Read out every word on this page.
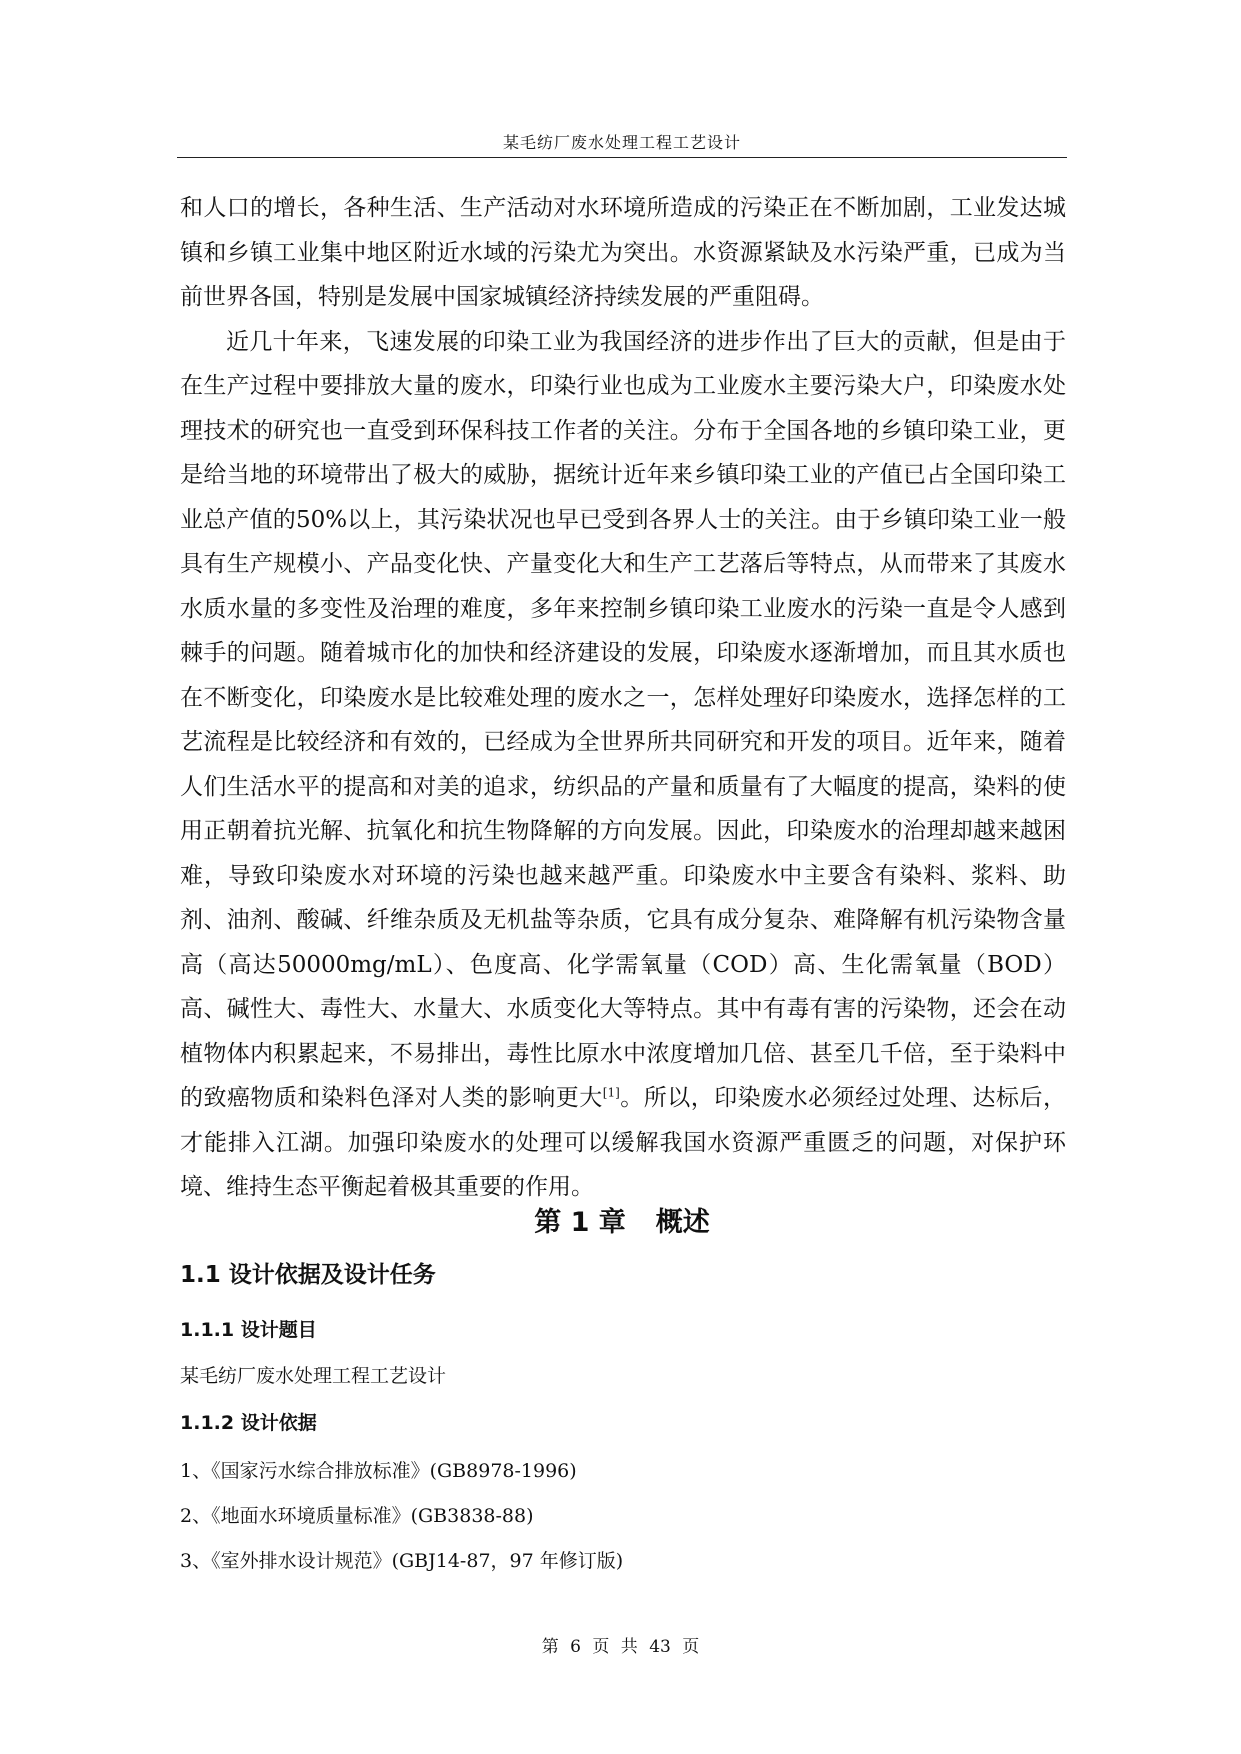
某毛纺厂废水处理工程工艺设计

和人口的增长，各种生活、生产活动对水环境所造成的污染正在不断加剧，工业发达城镇和乡镇工业集中地区附近水域的污染尤为突出。水资源紧缺及水污染严重，已成为当前世界各国，特别是发展中国家城镇经济持续发展的严重阻碍。

近几十年来，飞速发展的印染工业为我国经济的进步作出了巨大的贡献，但是由于在生产过程中要排放大量的废水，印染行业也成为工业废水主要污染大户，印染废水处理技术的研究也一直受到环保科技工作者的关注。分布于全国各地的乡镇印染工业，更是给当地的环境带出了极大的威胁，据统计近年来乡镇印染工业的产值已占全国印染工业总产值的50%以上，其污染状况也早已受到各界人士的关注。由于乡镇印染工业一般具有生产规模小、产品变化快、产量变化大和生产工艺落后等特点，从而带来了其废水水质水量的多变性及治理的难度，多年来控制乡镇印染工业废水的污染一直是令人感到棘手的问题。随着城市化的加快和经济建设的发展，印染废水逐渐增加，而且其水质也在不断变化，印染废水是比较难处理的废水之一，怎样处理好印染废水，选择怎样的工艺流程是比较经济和有效的，已经成为全世界所共同研究和开发的项目。近年来，随着人们生活水平的提高和对美的追求，纺织品的产量和质量有了大幅度的提高，染料的使用正朝着抗光解、抗氧化和抗生物降解的方向发展。因此，印染废水的治理却越来越困难，导致印染废水对环境的污染也越来越严重。印染废水中主要含有染料、浆料、助剂、油剂、酸碱、纤维杂质及无机盐等杂质，它具有成分复杂、难降解有机污染物含量高（高达50000mg/mL）、色度高、化学需氧量（COD）高、生化需氧量（BOD）高、碱性大、毒性大、水量大、水质变化大等特点。其中有毒有害的污染物，还会在动植物体内积累起来，不易排出，毒性比原水中浓度增加几倍、甚至几千倍，至于染料中的致癌物质和染料色泽对人类的影响更大[1]。所以，印染废水必须经过处理、达标后，才能排入江湖。加强印染废水的处理可以缓解我国水资源严重匮乏的问题，对保护环境、维持生态平衡起着极其重要的作用。

第 1 章 概述
1.1 设计依据及设计任务
1.1.1 设计题目
某毛纺厂废水处理工程工艺设计
1.1.2 设计依据
1、《国家污水综合排放标准》(GB8978-1996)
2、《地面水环境质量标准》(GB3838-88)
3、《室外排水设计规范》(GBJ14-87，97 年修订版)
第 6 页 共 43 页
